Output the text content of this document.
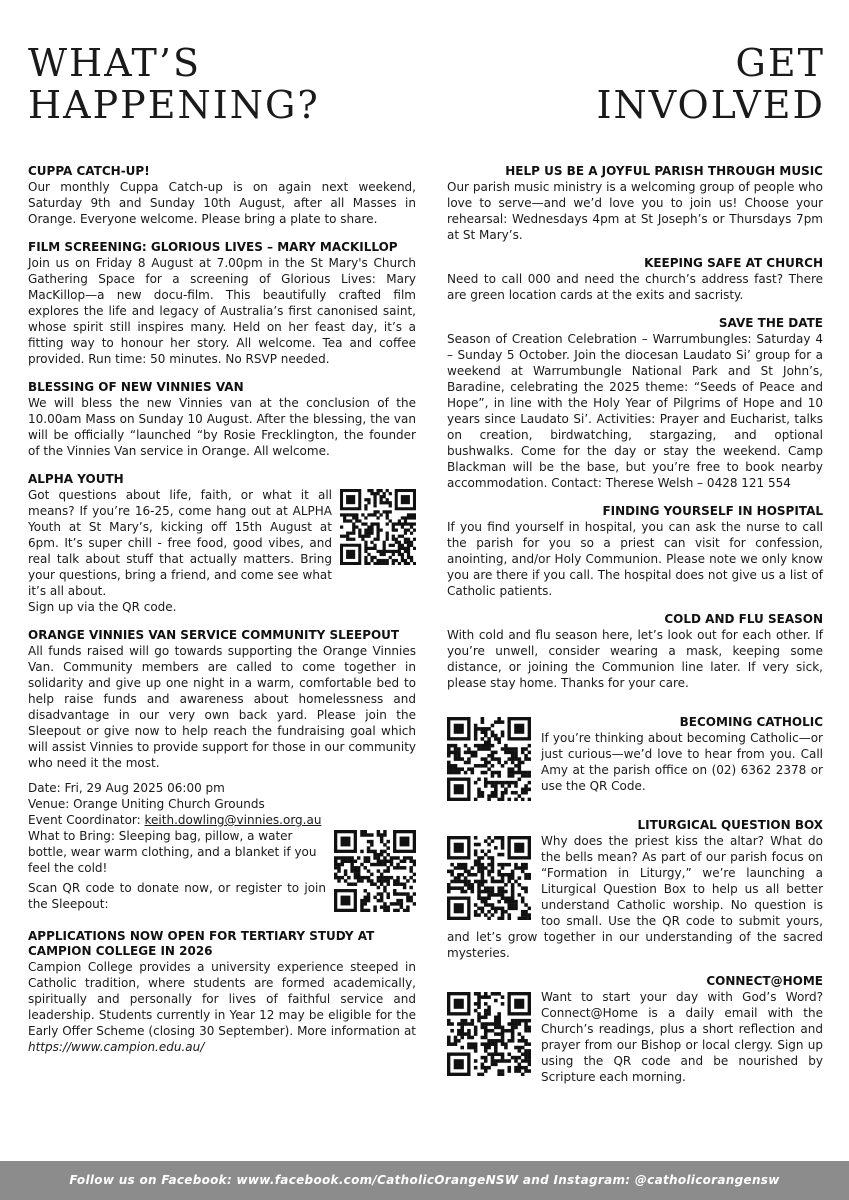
WHAT’S
HAPPENING?
GET
INVOLVED
CUPPA CATCH-UP!

Our monthly Cuppa Catch-up is on again next weekend, Saturday 9th and Sunday 10th August, after all Masses in Orange. Everyone welcome. Please bring a plate to share.

FILM SCREENING: GLORIOUS LIVES – MARY MACKILLOP

Join us on Friday 8 August at 7.00pm in the St Mary's Church Gathering Space for a screening of Glorious Lives: Mary MacKillop—a new docu-film. This beautifully crafted film explores the life and legacy of Australia’s first canonised saint, whose spirit still inspires many. Held on her feast day, it’s a fitting way to honour her story. All welcome. Tea and coffee provided. Run time: 50 minutes. No RSVP needed.

BLESSING OF NEW VINNIES VAN

We will bless the new Vinnies van at the conclusion of the 10.00am Mass on Sunday 10 August. After the blessing, the van will be officially “launched “by Rosie Frecklington, the founder of the Vinnies Van service in Orange. All welcome.

ALPHA YOUTH

Got questions about life, faith, or what it all means? If you’re 16-25, come hang out at ALPHA Youth at St Mary’s, kicking off 15th August at 6pm. It’s super chill - free food, good vibes, and real talk about stuff that actually matters. Bring your questions, bring a friend, and come see what it’s all about.

Sign up via the QR code.

ORANGE VINNIES VAN SERVICE COMMUNITY SLEEPOUT

All funds raised will go towards supporting the Orange Vinnies Van. Community members are called to come together in solidarity and give up one night in a warm, comfortable bed to help raise funds and awareness about homelessness and disadvantage in our very own back yard. Please join the Sleepout or give now to help reach the fundraising goal which will assist Vinnies to provide support for those in our community who need it the most.

Date: Fri, 29 Aug 2025 06:00 pm

Venue: Orange Uniting Church Grounds

Event Coordinator: keith.dowling@vinnies.org.au

What to Bring: Sleeping bag, pillow, a water bottle, wear warm clothing, and a blanket if you feel the cold!

Scan QR code to donate now, or register to join the Sleepout:

APPLICATIONS NOW OPEN FOR TERTIARY STUDY AT CAMPION COLLEGE IN 2026

Campion College provides a university experience steeped in Catholic tradition, where students are formed academically, spiritually and personally for lives of faithful service and leadership. Students currently in Year 12 may be eligible for the Early Offer Scheme (closing 30 September). More information at https://www.campion.edu.au/

HELP US BE A JOYFUL PARISH THROUGH MUSIC

Our parish music ministry is a welcoming group of people who love to serve—and we’d love you to join us! Choose your rehearsal: Wednesdays 4pm at St Joseph’s or Thursdays 7pm at St Mary’s.

KEEPING SAFE AT CHURCH

Need to call 000 and need the church’s address fast? There are green location cards at the exits and sacristy.

SAVE THE DATE

Season of Creation Celebration – Warrumbungles: Saturday 4 – Sunday 5 October. Join the diocesan Laudato Si’ group for a weekend at Warrumbungle National Park and St John’s, Baradine, celebrating the 2025 theme: “Seeds of Peace and Hope”, in line with the Holy Year of Pilgrims of Hope and 10 years since Laudato Si’. Activities: Prayer and Eucharist, talks on creation, birdwatching, stargazing, and optional bushwalks. Come for the day or stay the weekend. Camp Blackman will be the base, but you’re free to book nearby accommodation. Contact: Therese Welsh – 0428 121 554

FINDING YOURSELF IN HOSPITAL

If you find yourself in hospital, you can ask the nurse to call the parish for you so a priest can visit for confession, anointing, and/or Holy Communion. Please note we only know you are there if you call. The hospital does not give us a list of Catholic patients.

COLD AND FLU SEASON

With cold and flu season here, let’s look out for each other. If you’re unwell, consider wearing a mask, keeping some distance, or joining the Communion line later. If very sick, please stay home. Thanks for your care.

BECOMING CATHOLIC

If you’re thinking about becoming Catholic—or just curious—we’d love to hear from you. Call Amy at the parish office on (02) 6362 2378 or use the QR Code.

LITURGICAL QUESTION BOX

Why does the priest kiss the altar? What do the bells mean? As part of our parish focus on “Formation in Liturgy,” we’re launching a Liturgical Question Box to help us all better understand Catholic worship. No question is too small. Use the QR code to submit yours, and let’s grow together in our understanding of the sacred mysteries.

CONNECT@HOME

Want to start your day with God’s Word? Connect@Home is a daily email with the Church’s readings, plus a short reflection and prayer from our Bishop or local clergy. Sign up using the QR code and be nourished by Scripture each morning.

Follow us on Facebook: www.facebook.com/CatholicOrangeNSW and Instagram: @catholicorangensw
